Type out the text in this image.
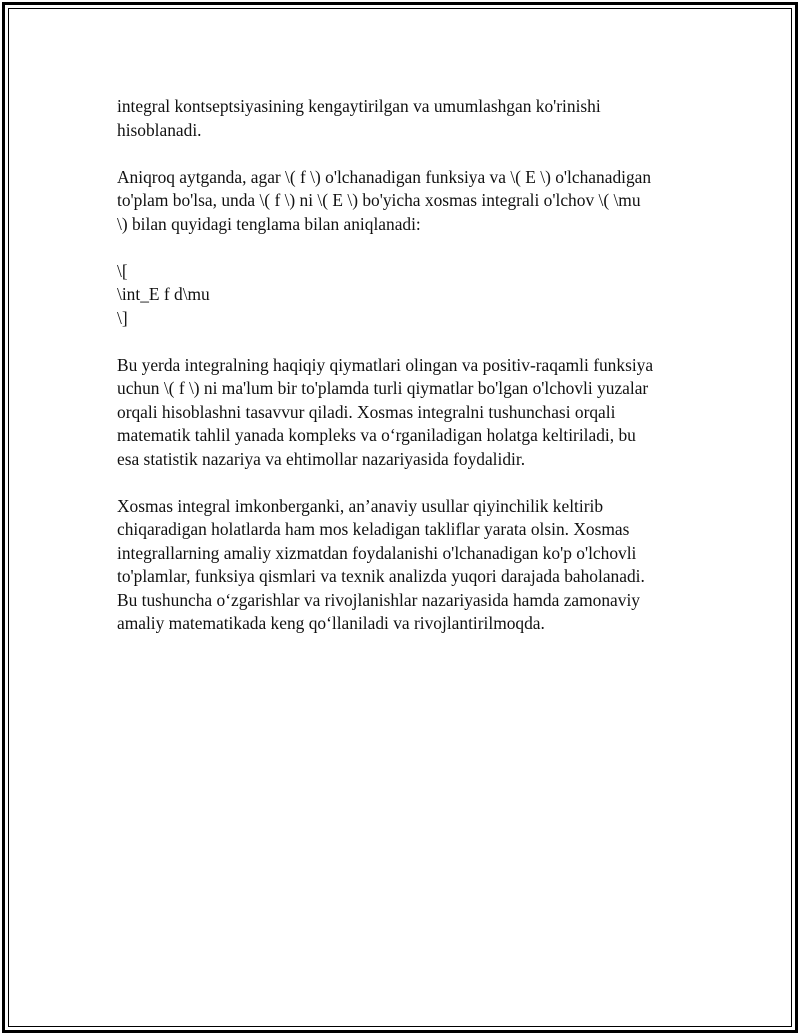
integral kontseptsiyasining kengaytirilgan va umumlashgan ko'rinishi
hisoblanadi.

Aniqroq aytganda, agar \( f \) o'lchanadigan funksiya va \( E \) o'lchanadigan
to'plam bo'lsa, unda \( f \) ni \( E \) bo'yicha xosmas integrali o'lchov \( \mu
\) bilan quyidagi tenglama bilan aniqlanadi:

\[
\int_E f d\mu
\]

Bu yerda integralning haqiqiy qiymatlari olingan va positiv-raqamli funksiya
uchun \( f \) ni ma'lum bir to'plamda turli qiymatlar bo'lgan o'lchovli yuzalar
orqali hisoblashni tasavvur qiladi. Xosmas integralni tushunchasi orqali
matematik tahlil yanada kompleks va o‘rganiladigan holatga keltiriladi, bu
esa statistik nazariya va ehtimollar nazariyasida foydalidir.

Xosmas integral imkonberganki, an’anaviy usullar qiyinchilik keltirib
chiqaradigan holatlarda ham mos keladigan takliflar yarata olsin. Xosmas
integrallarning amaliy xizmatdan foydalanishi o'lchanadigan ko'p o'lchovli
to'plamlar, funksiya qismlari va texnik analizda yuqori darajada baholanadi.
Bu tushuncha o‘zgarishlar va rivojlanishlar nazariyasida hamda zamonaviy
amaliy matematikada keng qo‘llaniladi va rivojlantirilmoqda.
